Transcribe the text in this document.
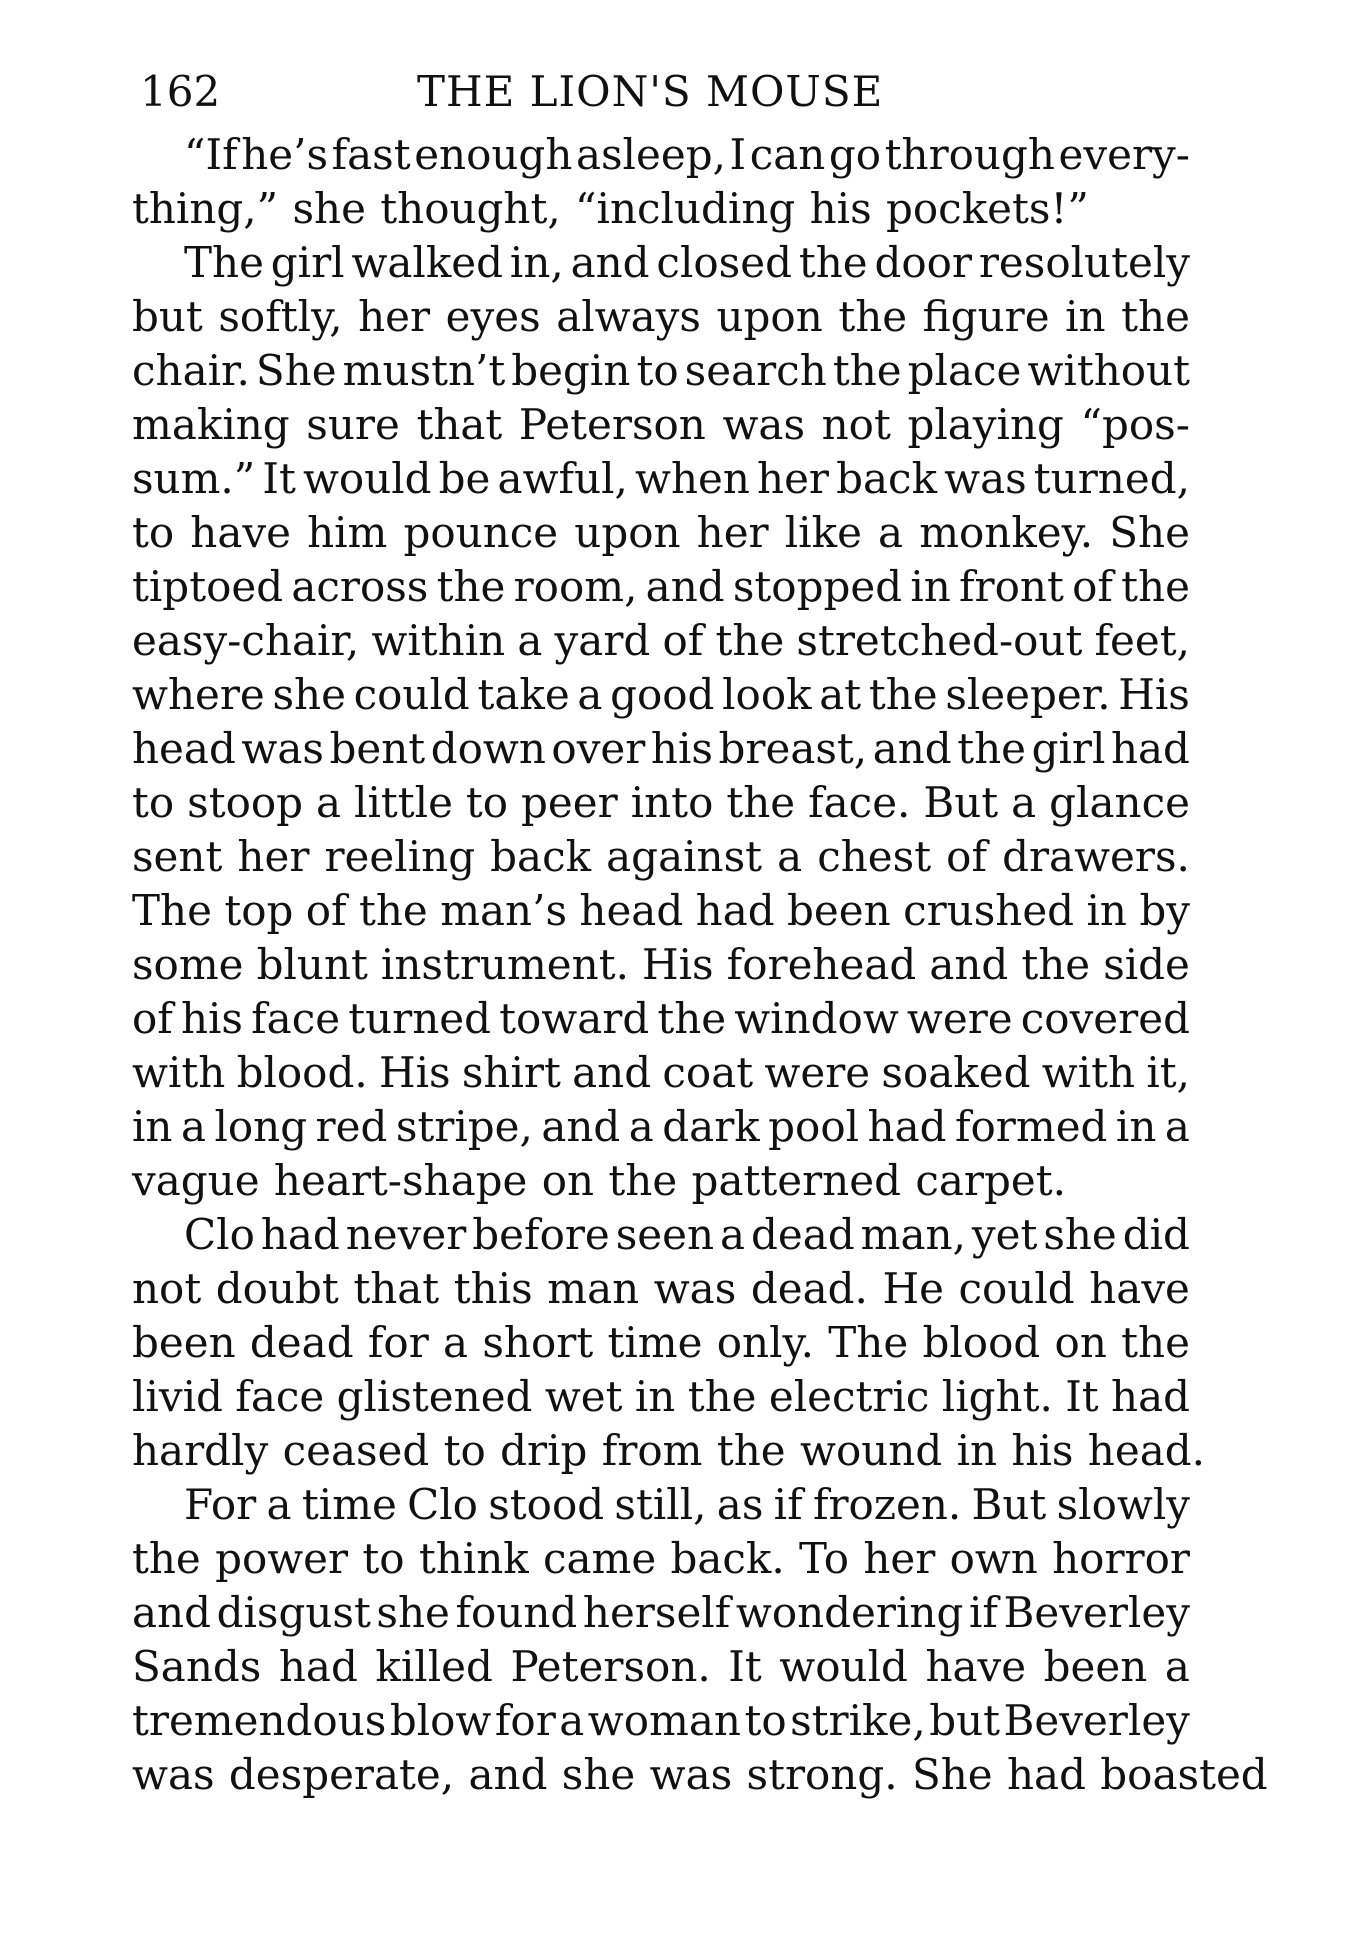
162	THE LION'S MOUSE
“If he’s fast enough asleep, I can go through every-
thing,” she thought, “including his pockets!”
The girl walked in, and closed the door resolutely
but softly, her eyes always upon the figure in the
chair. She mustn’t begin to search the place without
making sure that Peterson was not playing “pos-
sum.” It would be awful, when her back was turned,
to have him pounce upon her like a monkey. She
tiptoed across the room, and stopped in front of the
easy-chair, within a yard of the stretched-out feet,
where she could take a good look at the sleeper. His
head was bent down over his breast, and the girl had
to stoop a little to peer into the face. But a glance
sent her reeling back against a chest of drawers.
The top of the man’s head had been crushed in by
some blunt instrument. His forehead and the side
of his face turned toward the window were covered
with blood. His shirt and coat were soaked with it,
in a long red stripe, and a dark pool had formed in a
vague heart-shape on the patterned carpet.
Clo had never before seen a dead man, yet she did
not doubt that this man was dead. He could have
been dead for a short time only. The blood on the
livid face glistened wet in the electric light. It had
hardly ceased to drip from the wound in his head.
For a time Clo stood still, as if frozen. But slowly
the power to think came back. To her own horror
and disgust she found herself wondering if Beverley
Sands had killed Peterson. It would have been a
tremendous blow for a woman to strike, but Beverley
was desperate, and she was strong. She had boasted
